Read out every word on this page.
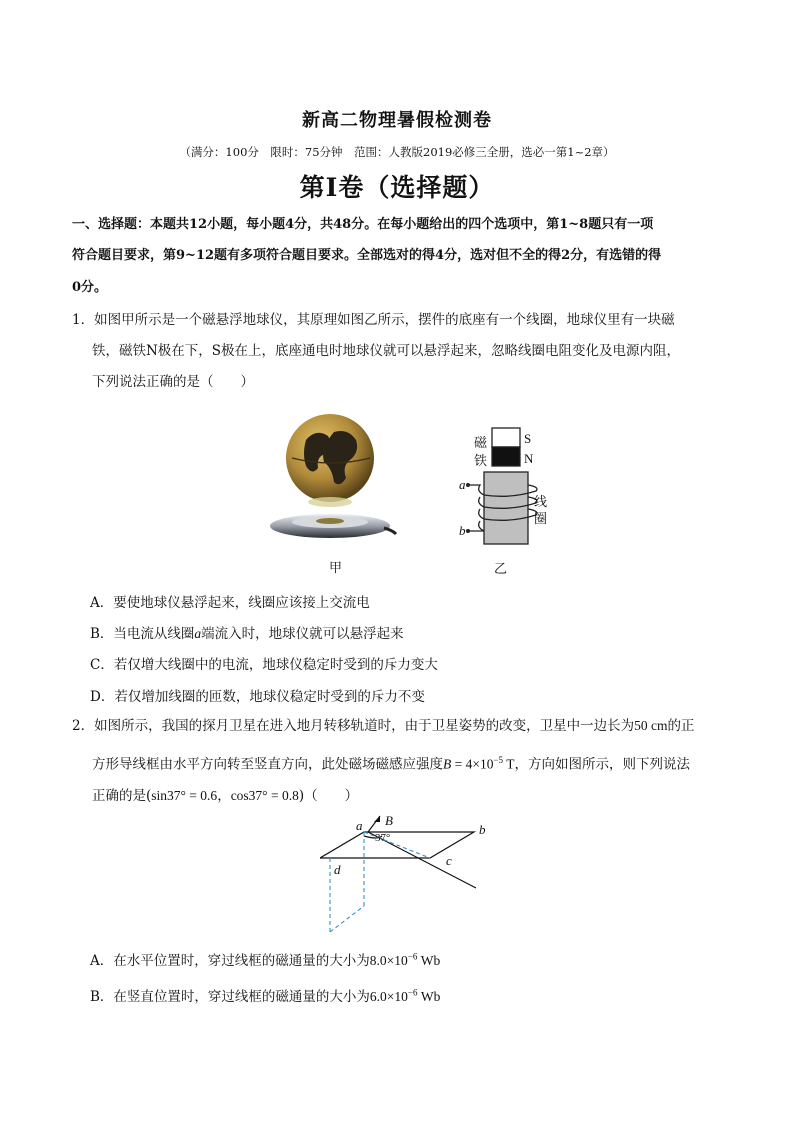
新高二物理暑假检测卷
（满分：100分　限时：75分钟　范围：人教版2019必修三全册，选必一第1~2章）
第Ⅰ卷（选择题）
一、选择题：本题共12小题，每小题4分，共48分。在每小题给出的四个选项中，第1~8题只有一项
符合题目要求，第9~12题有多项符合题目要求。全部选对的得4分，选对但不全的得2分，有选错的得
0分。
1．如图甲所示是一个磁悬浮地球仪，其原理如图乙所示，摆件的底座有一个线圈，地球仪里有一块磁
铁，磁铁N极在下，S极在上，底座通电时地球仪就可以悬浮起来，忽略线圈电阻变化及电源内阻，
下列说法正确的是（　　）
甲
磁
铁
S
N
线
圈
a
b
乙
A．要使地球仪悬浮起来，线圈应该接上交流电
B．当电流从线圈a端流入时，地球仪就可以悬浮起来
C．若仅增大线圈中的电流，地球仪稳定时受到的斥力变大
D．若仅增加线圈的匝数，地球仪稳定时受到的斥力不变
2．如图所示，我国的探月卫星在进入地月转移轨道时，由于卫星姿势的改变，卫星中一边长为50 cm的正
方形导线框由水平方向转至竖直方向，此处磁场磁感应强度$B = 4\times 10^{-5}$ T，方向如图所示，则下列说法
正确的是(sin37° = 0.6，cos37° = 0.8)（　　）
a B
37°
b
c
d
A．在水平位置时，穿过线框的磁通量的大小为$8.0\times 10^{-6}$ Wb
B．在竖直位置时，穿过线框的磁通量的大小为$6.0\times 10^{-6}$ Wb
